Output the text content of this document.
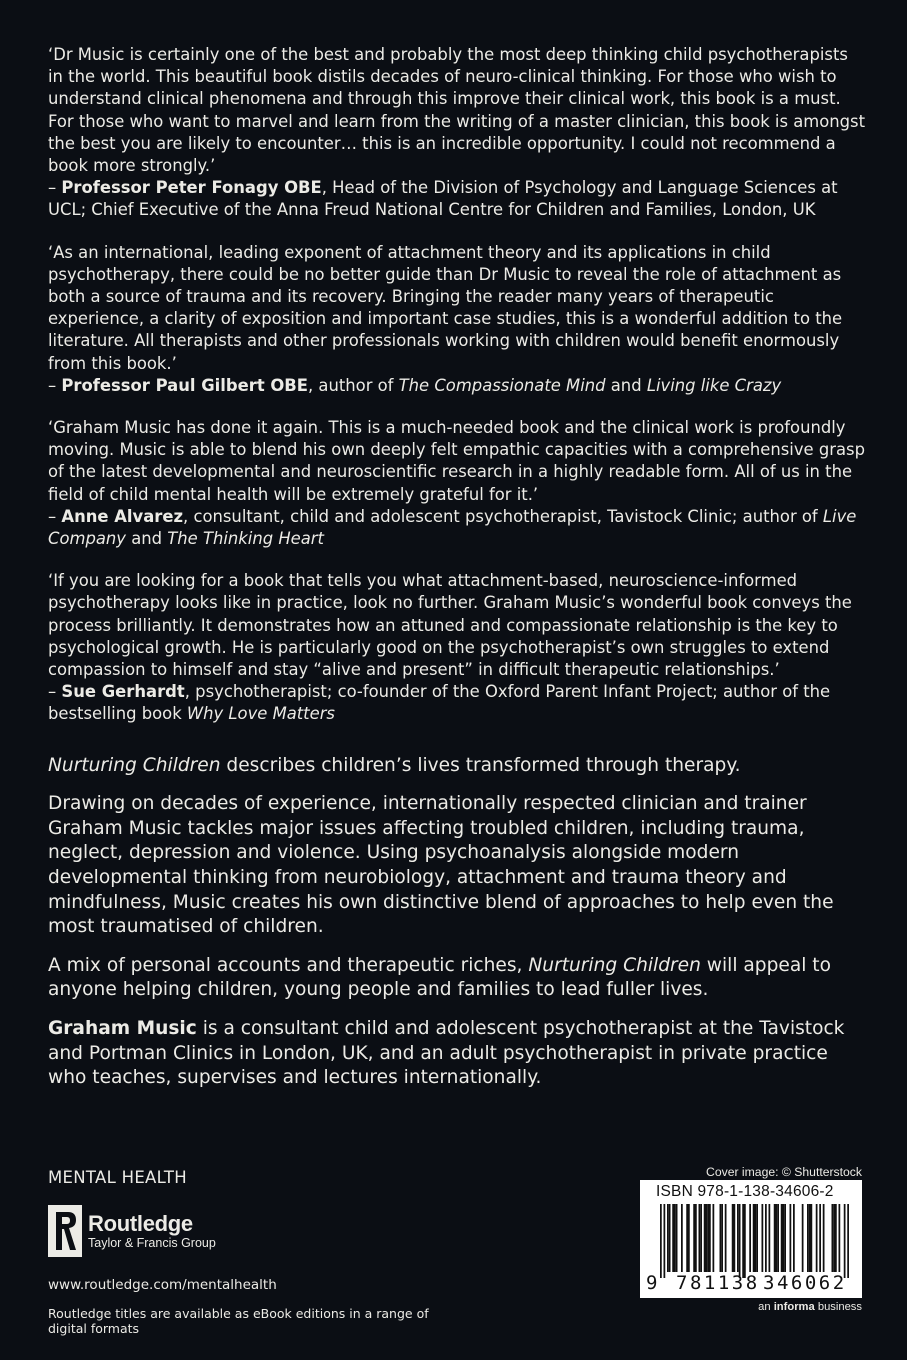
‘Dr Music is certainly one of the best and probably the most deep thinking child psychotherapists in the world. This beautiful book distils decades of neuro-clinical thinking. For those who wish to understand clinical phenomena and through this improve their clinical work, this book is a must. For those who want to marvel and learn from the writing of a master clinician, this book is amongst the best you are likely to encounter… this is an incredible opportunity. I could not recommend a book more strongly.’

– Professor Peter Fonagy OBE, Head of the Division of Psychology and Language Sciences at UCL; Chief Executive of the Anna Freud National Centre for Children and Families, London, UK

‘As an international, leading exponent of attachment theory and its applications in child psychotherapy, there could be no better guide than Dr Music to reveal the role of attachment as both a source of trauma and its recovery. Bringing the reader many years of therapeutic experience, a clarity of exposition and important case studies, this is a wonderful addition to the literature. All therapists and other professionals working with children would benefit enormously from this book.’

– Professor Paul Gilbert OBE, author of The Compassionate Mind and Living like Crazy

‘Graham Music has done it again. This is a much-needed book and the clinical work is profoundly moving. Music is able to blend his own deeply felt empathic capacities with a comprehensive grasp of the latest developmental and neuroscientific research in a highly readable form. All of us in the field of child mental health will be extremely grateful for it.’

– Anne Alvarez, consultant, child and adolescent psychotherapist, Tavistock Clinic; author of Live Company and The Thinking Heart

‘If you are looking for a book that tells you what attachment-based, neuroscience-informed psychotherapy looks like in practice, look no further. Graham Music’s wonderful book conveys the process brilliantly. It demonstrates how an attuned and compassionate relationship is the key to psychological growth. He is particularly good on the psychotherapist’s own struggles to extend compassion to himself and stay “alive and present” in difficult therapeutic relationships.’

– Sue Gerhardt, psychotherapist; co-founder of the Oxford Parent Infant Project; author of the bestselling book Why Love Matters

Nurturing Children describes children’s lives transformed through therapy.

Drawing on decades of experience, internationally respected clinician and trainer Graham Music tackles major issues affecting troubled children, including trauma, neglect, depression and violence. Using psychoanalysis alongside modern developmental thinking from neurobiology, attachment and trauma theory and mindfulness, Music creates his own distinctive blend of approaches to help even the most traumatised of children.

A mix of personal accounts and therapeutic riches, Nurturing Children will appeal to anyone helping children, young people and families to lead fuller lives.

Graham Music is a consultant child and adolescent psychotherapist at the Tavistock and Portman Clinics in London, UK, and an adult psychotherapist in private practice who teaches, supervises and lectures internationally.

MENTAL HEALTH

Routledge
Taylor & Francis Group
www.routledge.com/mentalhealth
Routledge titles are available as eBook editions in a range of digital formats
Cover image: © Shutterstock
ISBN 978-1-138-34606-2
9 781138 346062
an informa business
